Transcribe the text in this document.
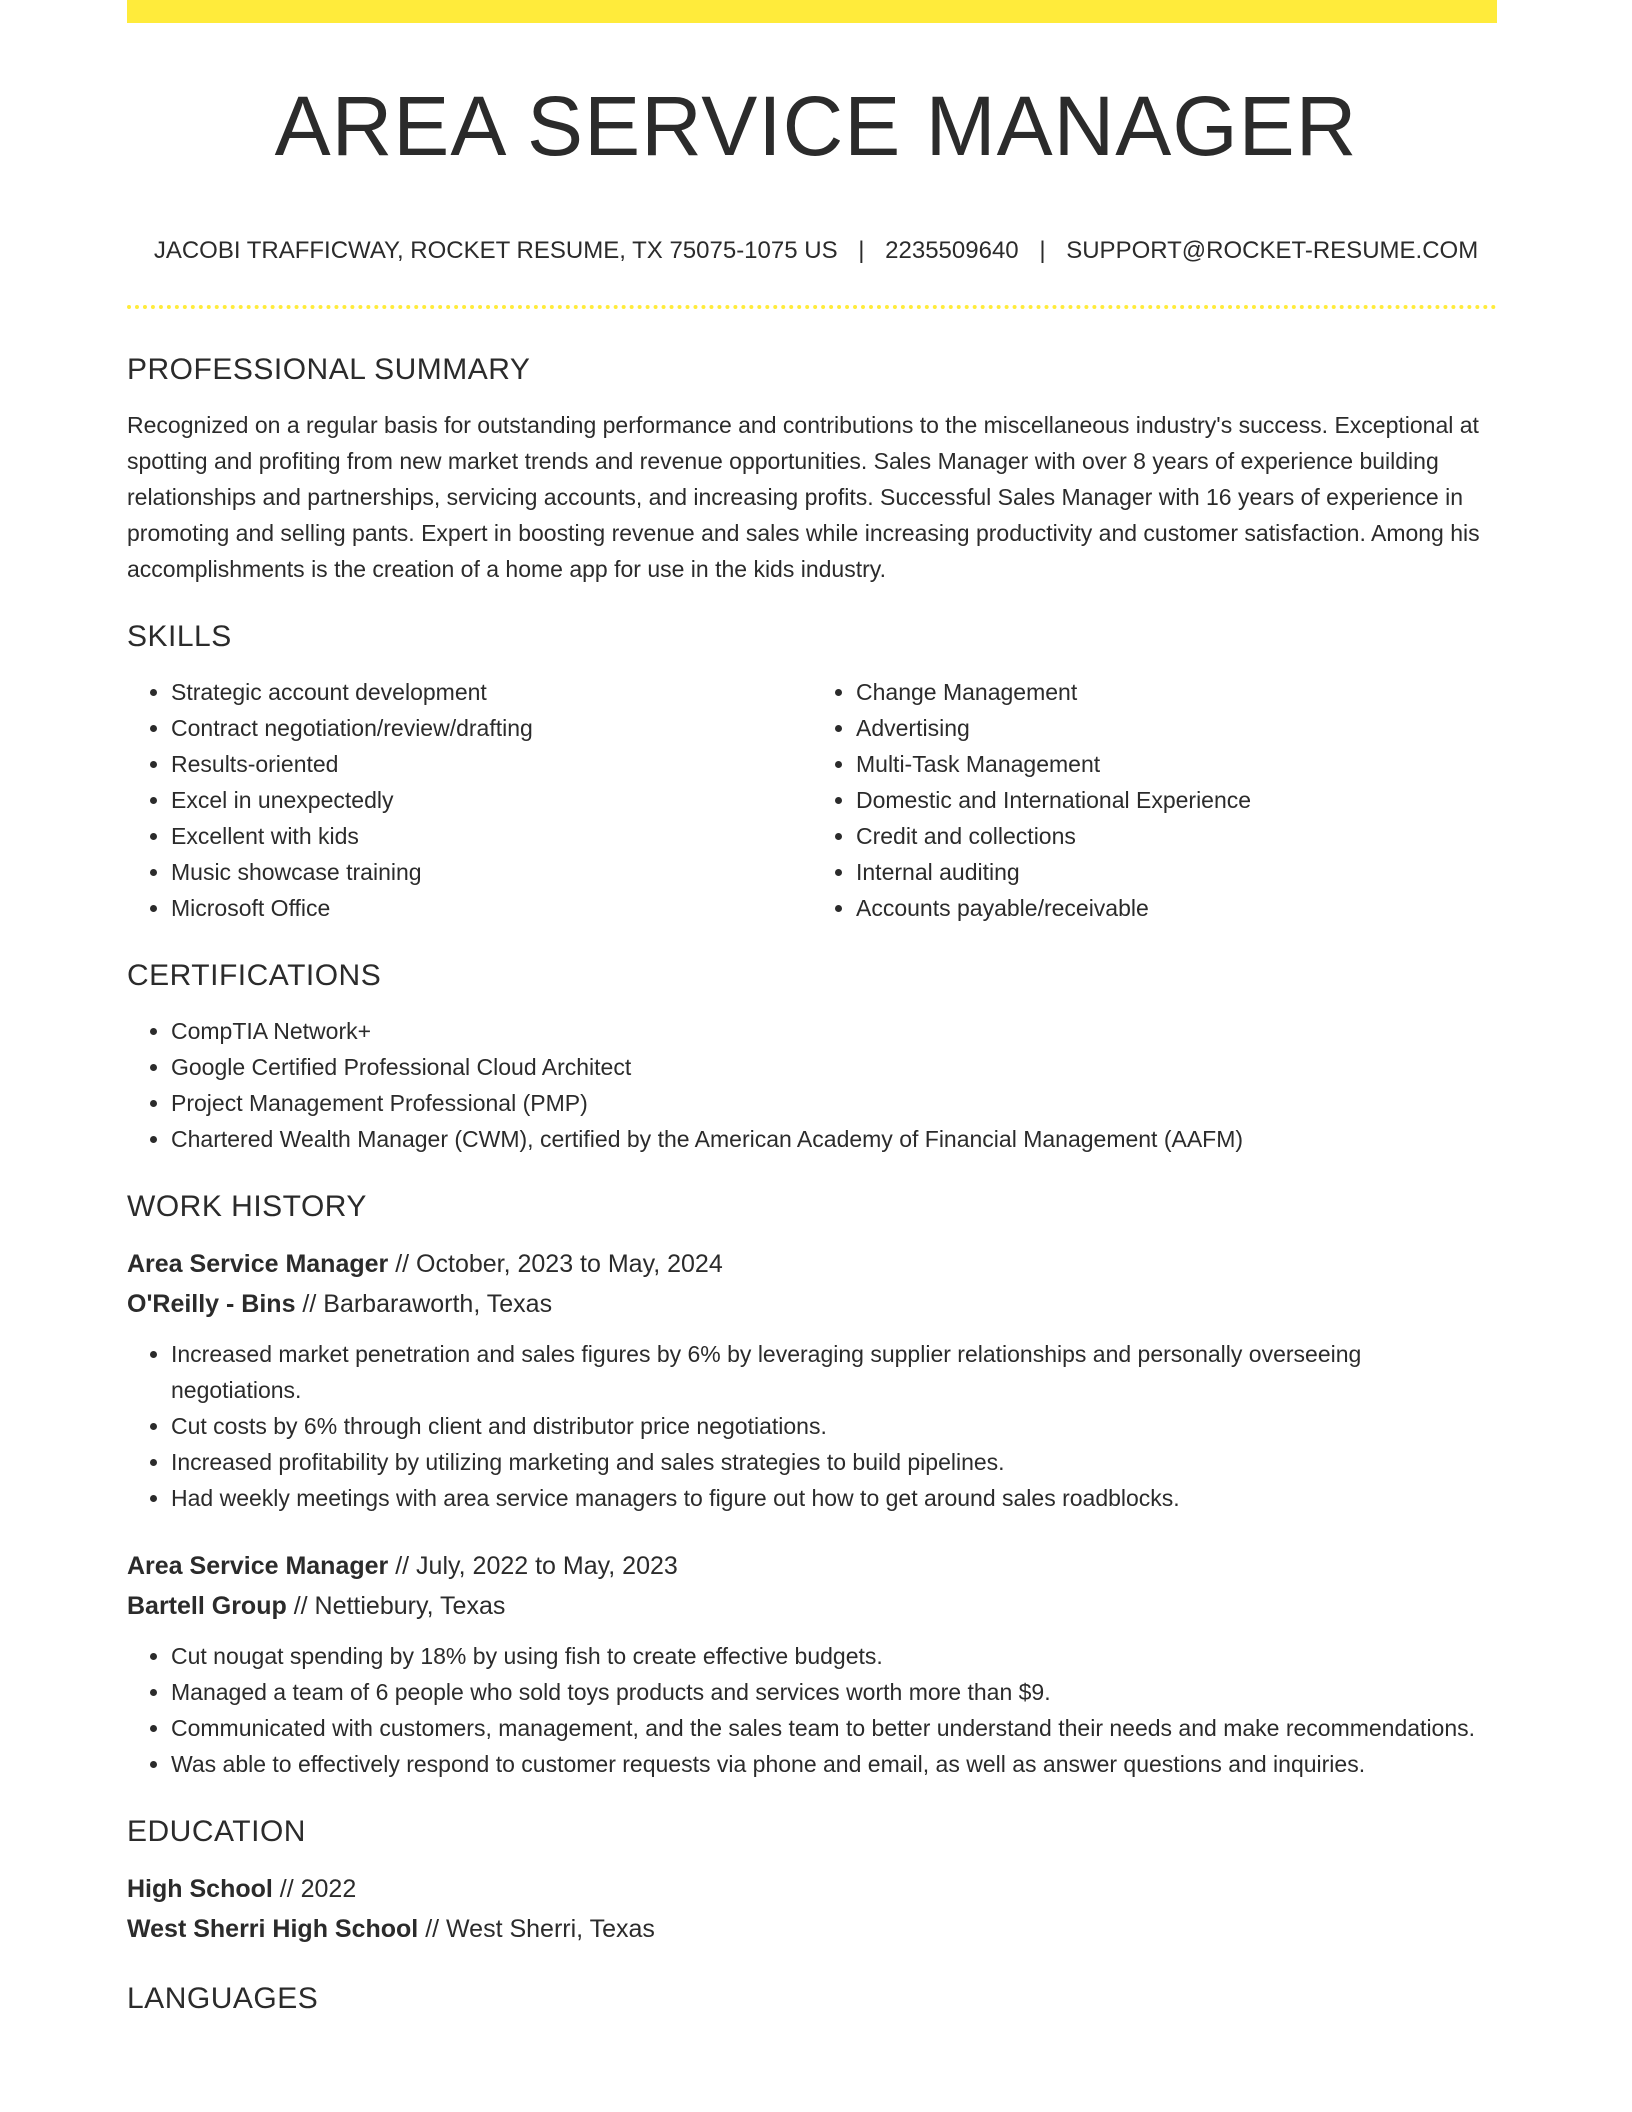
AREA SERVICE MANAGER
JACOBI TRAFFICWAY, ROCKET RESUME, TX 75075-1075 US | 2235509640 | SUPPORT@ROCKET-RESUME.COM
PROFESSIONAL SUMMARY

Recognized on a regular basis for outstanding performance and contributions to the miscellaneous industry's success. Exceptional at spotting and profiting from new market trends and revenue opportunities. Sales Manager with over 8 years of experience building relationships and partnerships, servicing accounts, and increasing profits. Successful Sales Manager with 16 years of experience in promoting and selling pants. Expert in boosting revenue and sales while increasing productivity and customer satisfaction. Among his accomplishments is the creation of a home app for use in the kids industry.

SKILLS
• Strategic account development
• Contract negotiation/review/drafting
• Results-oriented
• Excel in unexpectedly
• Excellent with kids
• Music showcase training
• Microsoft Office
• Change Management
• Advertising
• Multi-Task Management
• Domestic and International Experience
• Credit and collections
• Internal auditing
• Accounts payable/receivable
CERTIFICATIONS
• CompTIA Network+
• Google Certified Professional Cloud Architect
• Project Management Professional (PMP)
• Chartered Wealth Manager (CWM), certified by the American Academy of Financial Management (AAFM)
WORK HISTORY
Area Service Manager // October, 2023 to May, 2024
O'Reilly - Bins // Barbaraworth, Texas
• Increased market penetration and sales figures by 6% by leveraging supplier relationships and personally overseeing negotiations.
• Cut costs by 6% through client and distributor price negotiations.
• Increased profitability by utilizing marketing and sales strategies to build pipelines.
• Had weekly meetings with area service managers to figure out how to get around sales roadblocks.
Area Service Manager // July, 2022 to May, 2023
Bartell Group // Nettiebury, Texas
• Cut nougat spending by 18% by using fish to create effective budgets.
• Managed a team of 6 people who sold toys products and services worth more than $9.
• Communicated with customers, management, and the sales team to better understand their needs and make recommendations.
• Was able to effectively respond to customer requests via phone and email, as well as answer questions and inquiries.
EDUCATION
High School // 2022
West Sherri High School // West Sherri, Texas
LANGUAGES
